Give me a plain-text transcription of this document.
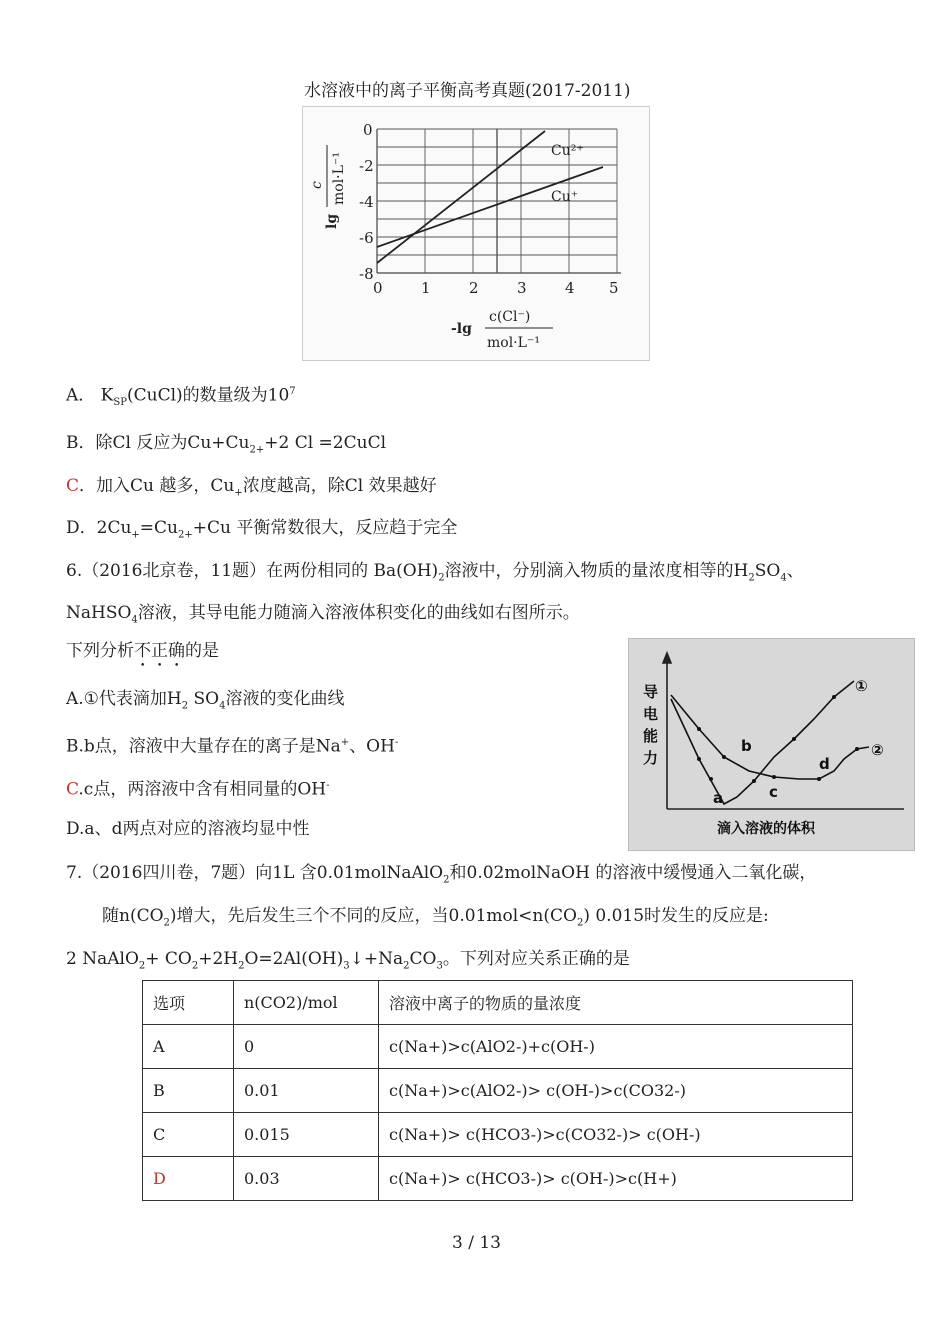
水溶液中的离子平衡高考真题(2017-2011)
0
-2
-4
-6
-8
0	1	2	3	4 5
Cu²⁺
Cu⁺
lg
c mol·L⁻¹
-lg
c(Cl⁻)
mol·L⁻¹
A． $K_{SP}(CuCl)$的数量级为$10^7$
B．除Cl 反应为$Cu+Cu_{2+}+2$ Cl =2CuCl
C．加入Cu 越多，$Cu_+$浓度越高，除Cl 效果越好
D．$2Cu_+=Cu_{2+}+Cu$ 平衡常数很大，反应趋于完全
6.（2016北京卷，11题）在两份相同的 $Ba(OH)_2$溶液中，分别滴入物质的量浓度相等的$H_2SO_4$、
NaHSO$_4$溶液，其导电能力随滴入溶液体积变化的曲线如右图所示。
下列分析不正确的是
A.①代表滴加$H_2$ $SO_4$溶液的变化曲线
B.b点，溶液中大量存在的离子是Na+、OH-
C.c点，两溶液中含有相同量的OH-
D.a、d两点对应的溶液均显中性
导
电
能
力
滴入溶液的体积
a
b
c
d
①
②
7.（2016四川卷，7题）向1L 含0.01molNaAlO$_2$和0.02molNaOH 的溶液中缓慢通入二氧化碳，
随$n(CO_2)$增大，先后发生三个不同的反应，当$0.01mol<n(CO_2)$ 0.015时发生的反应是:
2 NaAlO$_2$+ $CO_2+2H_2O=2Al(OH)_3↓+Na_2CO_3$。下列对应关系正确的是
选项	n(CO2)/mol	溶液中离子的物质的量浓度
A	0	c(Na+)>c(AlO2-)+c(OH-)
B	0.01	c(Na+)>c(AlO2-)> c(OH-)>c(CO32-)
C	0.015	c(Na+)> c(HCO3-)>c(CO32-)> c(OH-)
D	0.03	c(Na+)> c(HCO3-)> c(OH-)>c(H+)
3 / 13
